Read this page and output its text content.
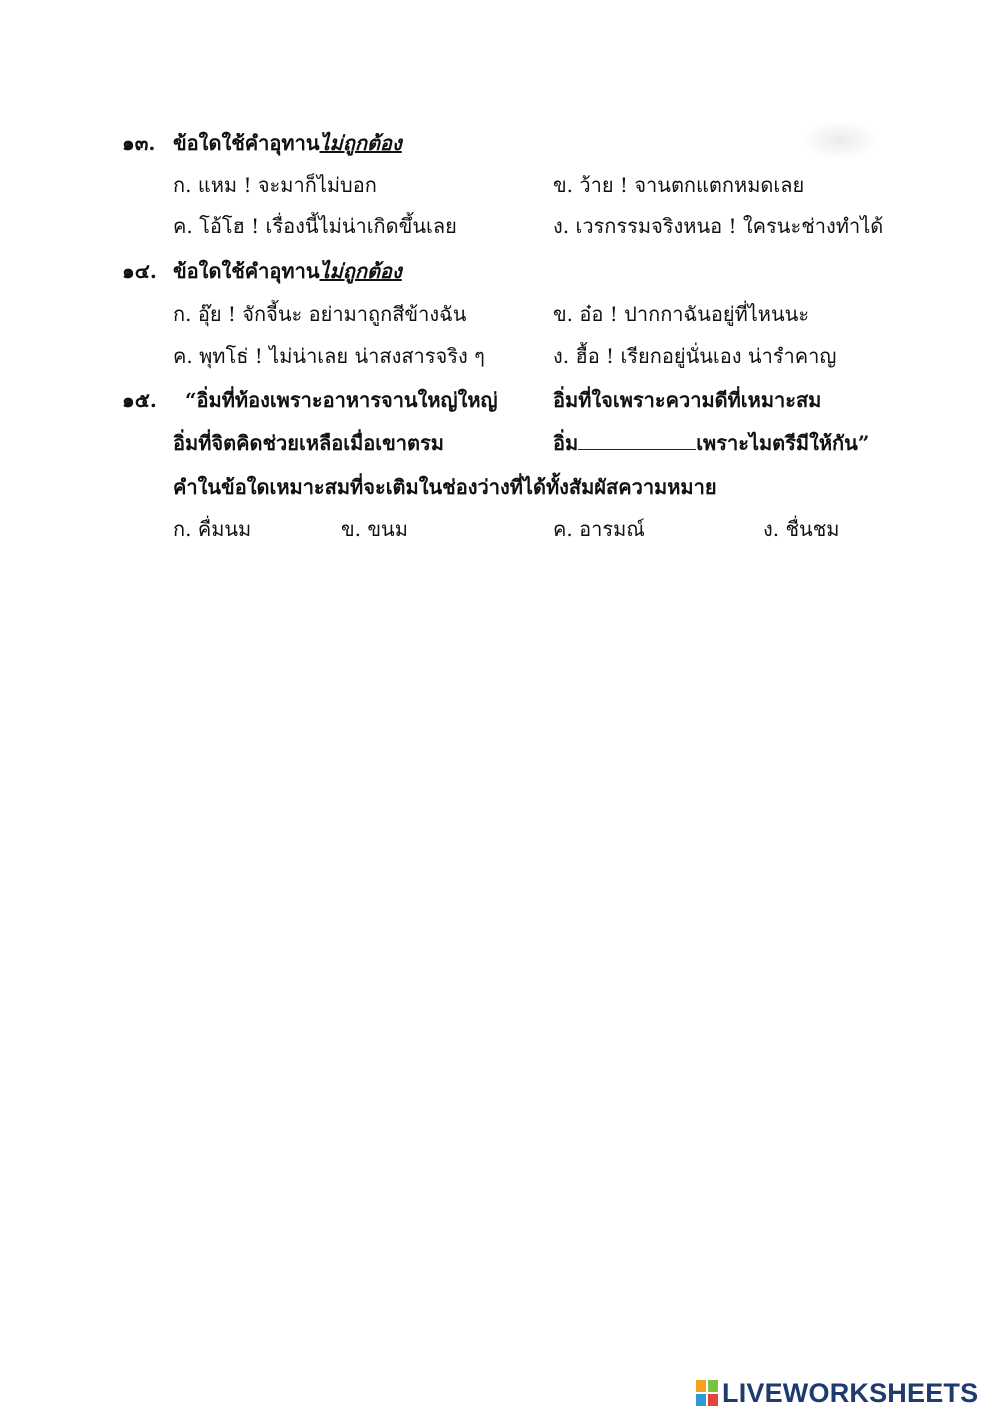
๑๓. ข้อใดใช้คำอุทานไม่ถูกต้อง
ก. แหม ! จะมาก็ไม่บอก	ข. ว้าย ! จานตกแตกหมดเลย
ค. โอ้โฮ ! เรื่องนี้ไม่น่าเกิดขึ้นเลย	ง. เวรกรรมจริงหนอ ! ใครนะช่างทำได้
๑๔. ข้อใดใช้คำอุทานไม่ถูกต้อง
ก. อุ๊ย ! จักจี้นะ อย่ามาถูกสีข้างฉัน	ข. อ๋อ ! ปากกาฉันอยู่ที่ไหนนะ
ค. พุทโธ่ ! ไม่น่าเลย น่าสงสารจริง ๆ	ง. ฮื้อ ! เรียกอยู่นั่นเอง น่ารำคาญ
๑๕. “อิ่มที่ท้องเพราะอาหารจานใหญ่ใหญ่	อิ่มที่ใจเพราะความดีที่เหมาะสม
อิ่มที่จิตคิดช่วยเหลือเมื่อเขาตรม	อิ่ม	เพราะไมตรีมีให้กัน”
คำในข้อใดเหมาะสมที่จะเติมในช่องว่างที่ได้ทั้งสัมผัสความหมาย
ก. คื่มนม	ข. ขนม	ค. อารมณ์	ง. ชื่นชม
LIVEWORKSHEETS
